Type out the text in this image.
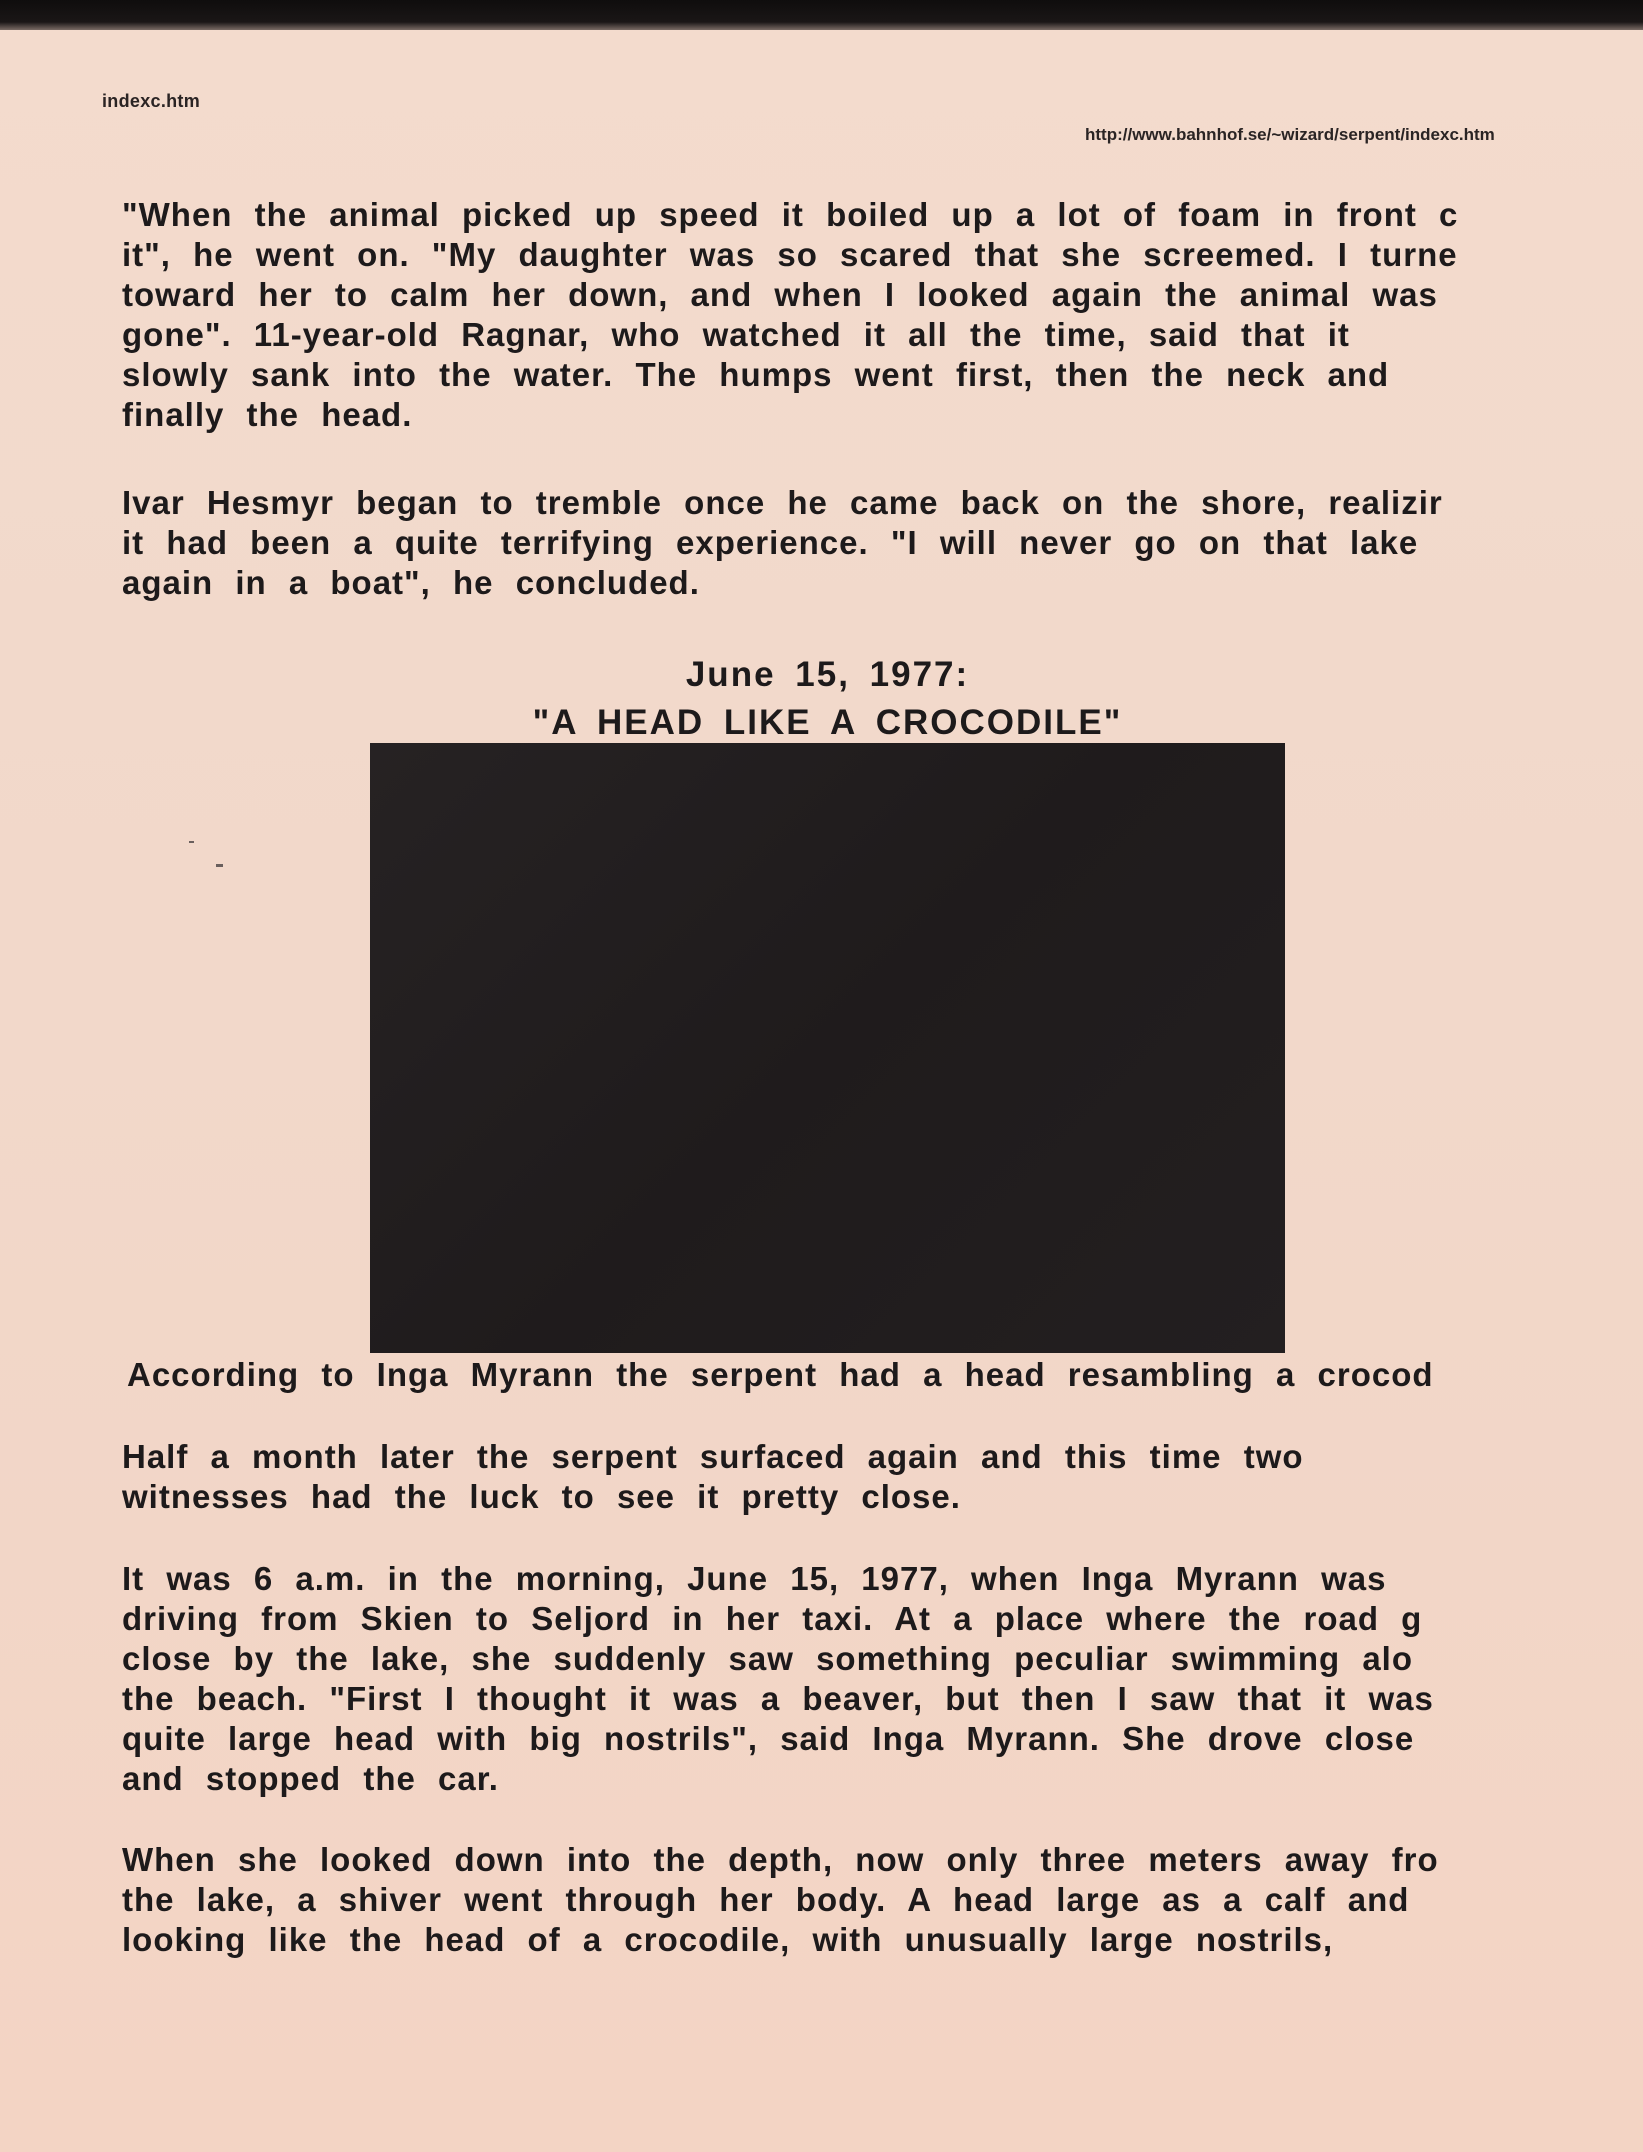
indexc.htm
http://www.bahnhof.se/~wizard/serpent/indexc.htm
"When the animal picked up speed it boiled up a lot of foam in front c
it", he went on. "My daughter was so scared that she screemed. I turne
toward her to calm her down, and when I looked again the animal was
gone". 11-year-old Ragnar, who watched it all the time, said that it
slowly sank into the water. The humps went first, then the neck and
finally the head.
Ivar Hesmyr began to tremble once he came back on the shore, realizir
it had been a quite terrifying experience. "I will never go on that lake
again in a boat", he concluded.
June 15, 1977:
"A HEAD LIKE A CROCODILE"
According to Inga Myrann the serpent had a head resambling a crocod
Half a month later the serpent surfaced again and this time two
witnesses had the luck to see it pretty close.
It was 6 a.m. in the morning, June 15, 1977, when Inga Myrann was
driving from Skien to Seljord in her taxi. At a place where the road g
close by the lake, she suddenly saw something peculiar swimming alo
the beach. "First I thought it was a beaver, but then I saw that it was
quite large head with big nostrils", said Inga Myrann. She drove close
and stopped the car.
When she looked down into the depth, now only three meters away fro
the lake, a shiver went through her body. A head large as a calf and
looking like the head of a crocodile, with unusually large nostrils,
